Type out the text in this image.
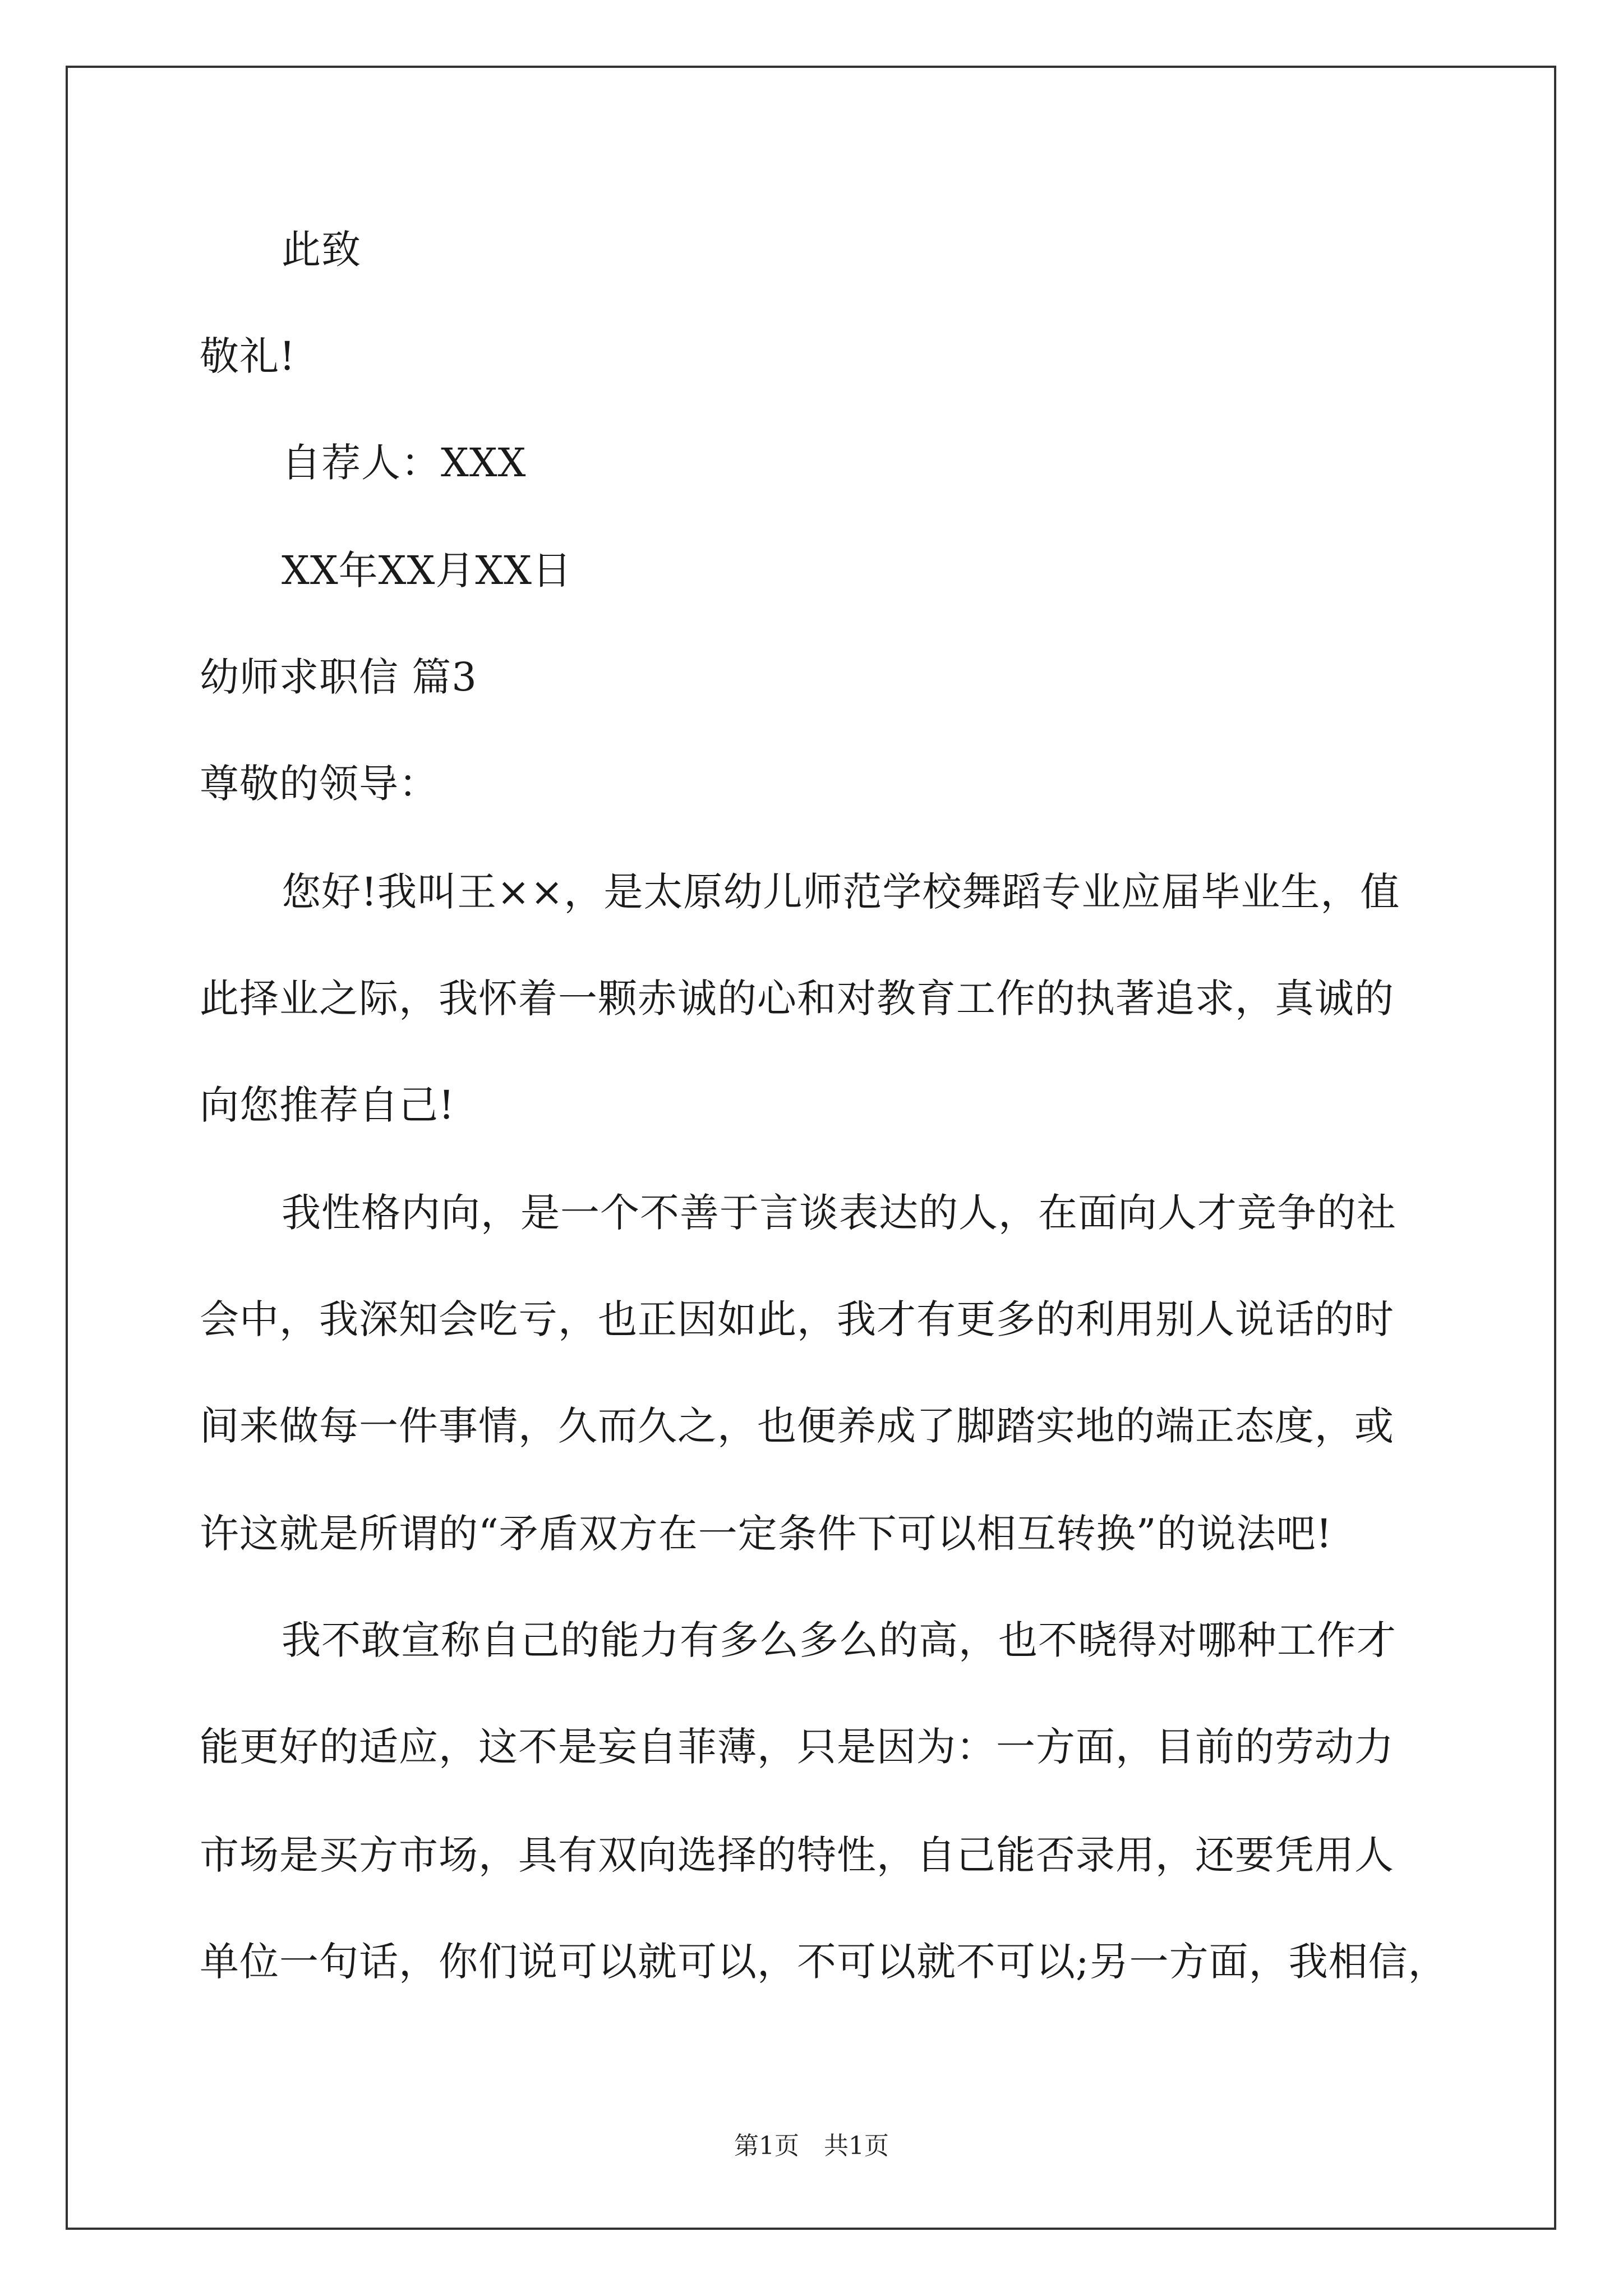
此致
敬礼!
自荐人：XXX
XX年XX月XX日
幼师求职信 篇3
尊敬的领导：
您好!我叫王××，是太原幼儿师范学校舞蹈专业应届毕业生，值
此择业之际，我怀着一颗赤诚的心和对教育工作的执著追求，真诚的
向您推荐自己!
我性格内向，是一个不善于言谈表达的人，在面向人才竞争的社
会中，我深知会吃亏，也正因如此，我才有更多的利用别人说话的时
间来做每一件事情，久而久之，也便养成了脚踏实地的端正态度，或
许这就是所谓的“矛盾双方在一定条件下可以相互转换”的说法吧!
我不敢宣称自己的能力有多么多么的高，也不晓得对哪种工作才
能更好的适应，这不是妄自菲薄，只是因为：一方面，目前的劳动力
市场是买方市场，具有双向选择的特性，自己能否录用，还要凭用人
单位一句话，你们说可以就可以，不可以就不可以;另一方面，我相信，
第1页　共1页
